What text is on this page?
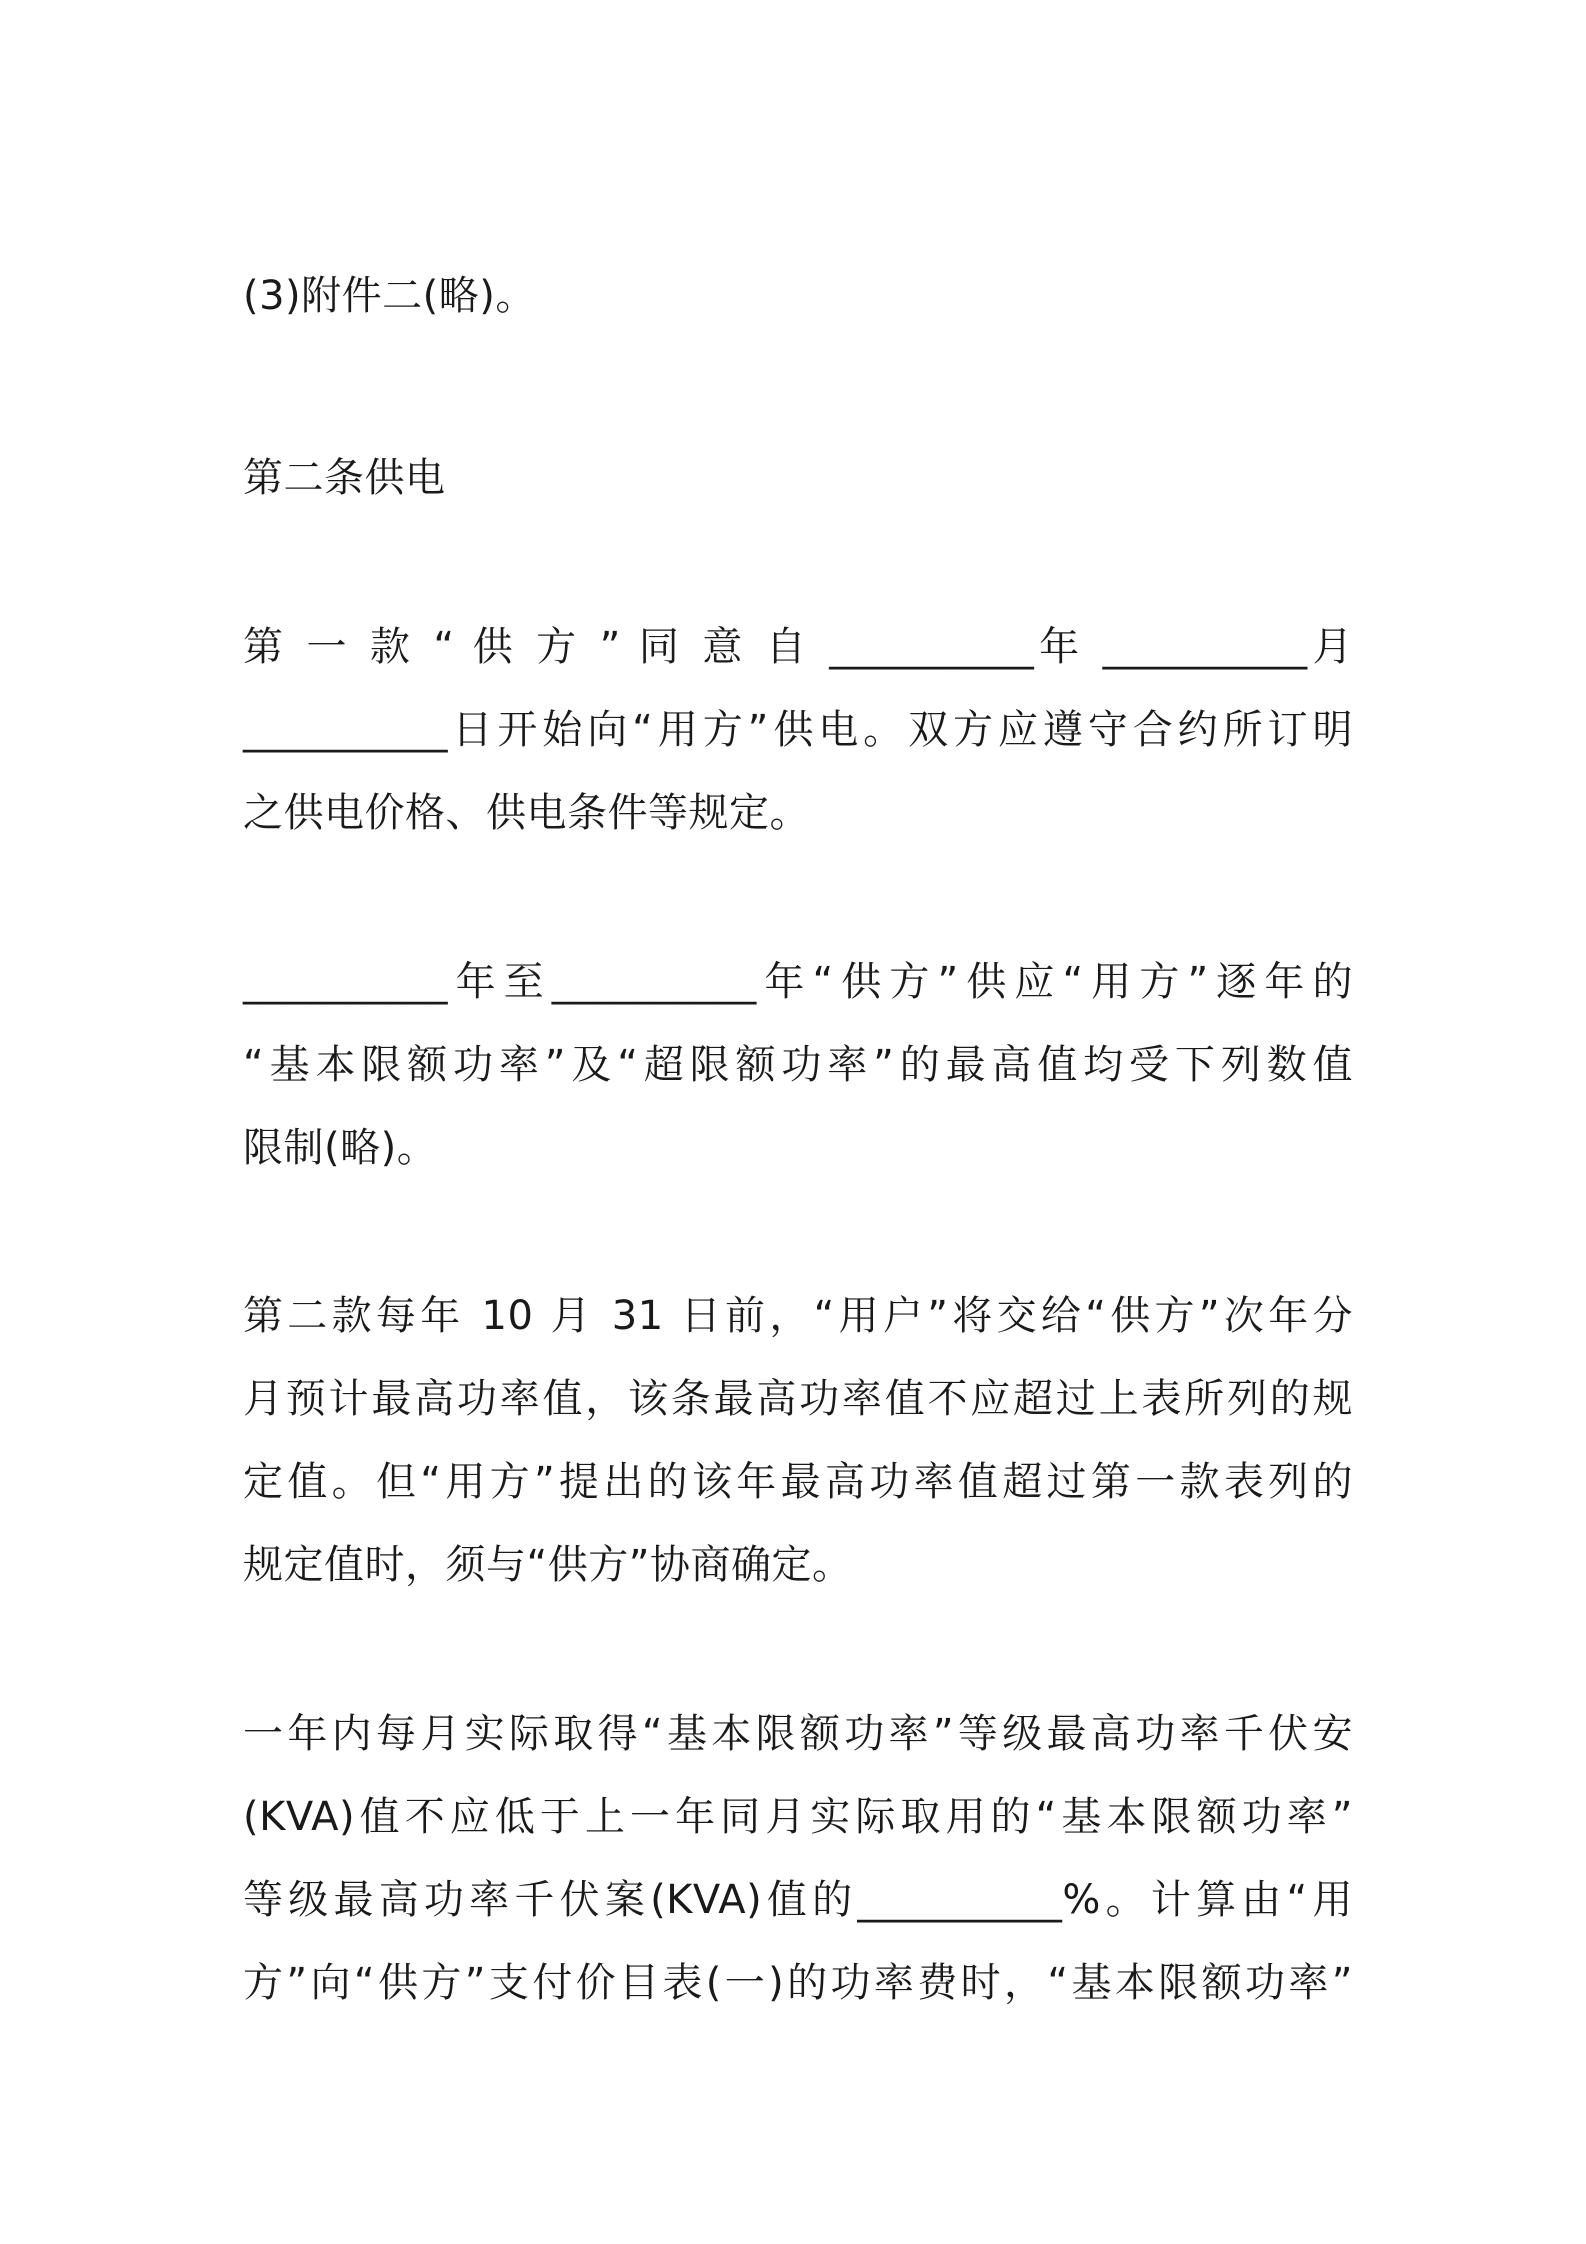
(3)附件二(略)。
第二条供电
第 一 款 “ 供 方 ” 同 意 自 __________年 __________月
__________日开始向“用方”供电。双方应遵守合约所订明
之供电价格、供电条件等规定。
__________年至__________年“供方”供应“用方”逐年的
“基本限额功率”及“超限额功率”的最高值均受下列数值
限制(略)。
第二款每年 10 月 31 日前，“用户”将交给“供方”次年分
月预计最高功率值，该条最高功率值不应超过上表所列的规
定值。但“用方”提出的该年最高功率值超过第一款表列的
规定值时，须与“供方”协商确定。
一年内每月实际取得“基本限额功率”等级最高功率千伏安
(KVA)值不应低于上一年同月实际取用的“基本限额功率”
等级最高功率千伏案(KVA)值的__________%。计算由“用
方”向“供方”支付价目表(一)的功率费时，“基本限额功率”
